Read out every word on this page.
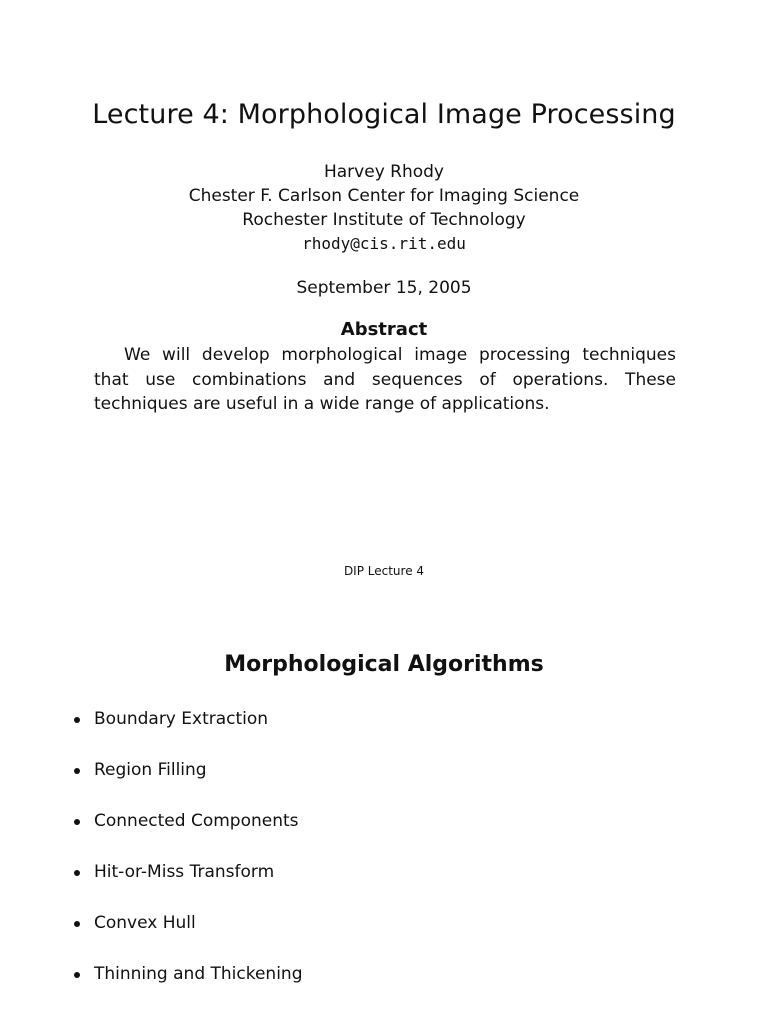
Lecture 4: Morphological Image Processing
Harvey Rhody
Chester F. Carlson Center for Imaging Science
Rochester Institute of Technology
rhody@cis.rit.edu
September 15, 2005
Abstract
We will develop morphological image processing techniques that use combinations and sequences of operations. These techniques are useful in a wide range of applications.
DIP Lecture 4
Morphological Algorithms
Boundary Extraction
Region Filling
Connected Components
Hit-or-Miss Transform
Convex Hull
Thinning and Thickening
